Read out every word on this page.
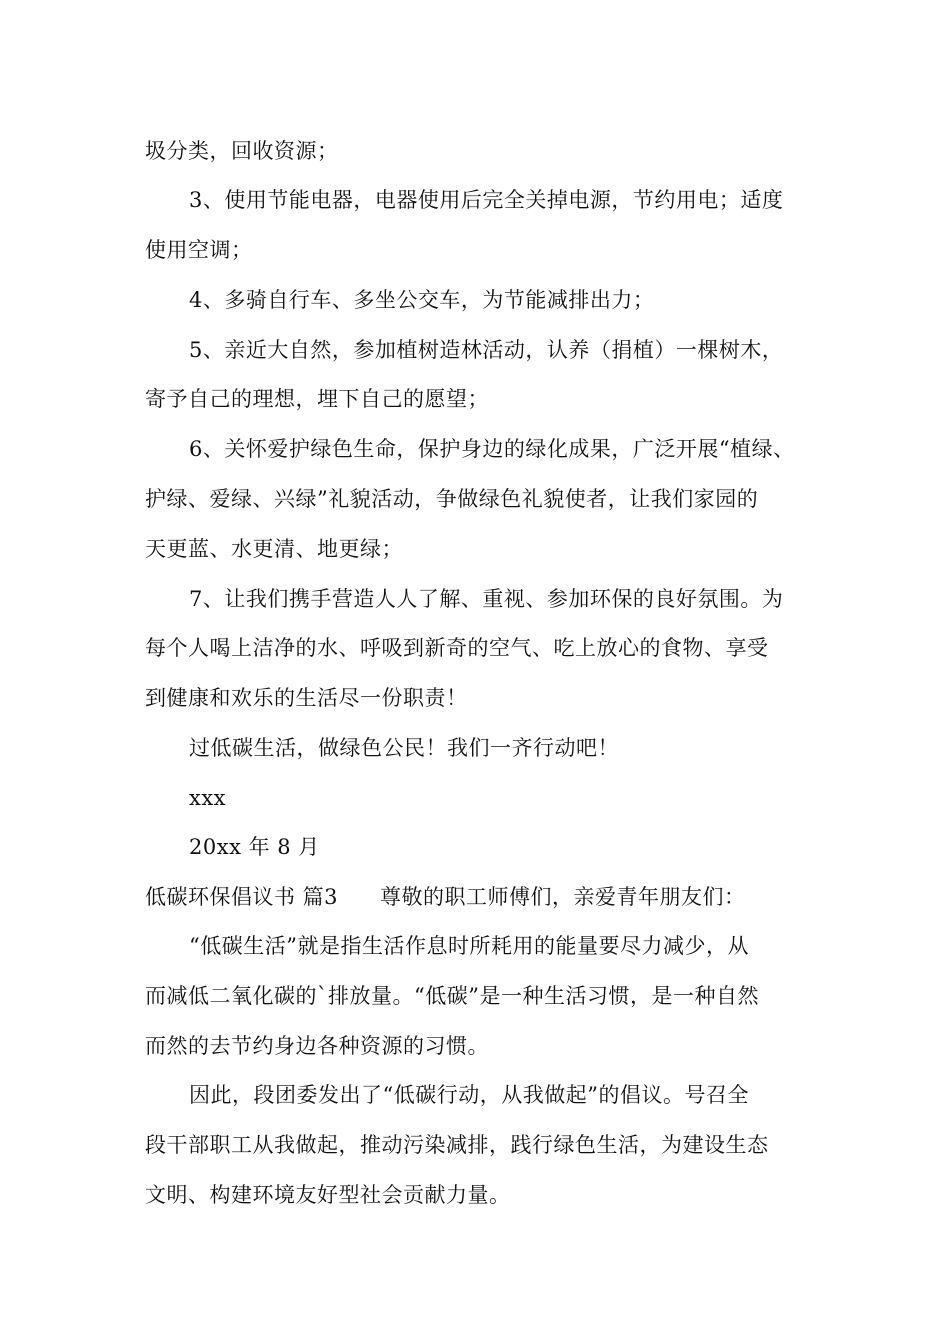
圾分类，回收资源；
3、使用节能电器，电器使用后完全关掉电源，节约用电；适度
使用空调；
4、多骑自行车、多坐公交车，为节能减排出力；
5、亲近大自然，参加植树造林活动，认养（捐植）一棵树木，
寄予自己的理想，埋下自己的愿望；
6、关怀爱护绿色生命，保护身边的绿化成果，广泛开展“植绿、
护绿、爱绿、兴绿”礼貌活动，争做绿色礼貌使者，让我们家园的
天更蓝、水更清、地更绿；
7、让我们携手营造人人了解、重视、参加环保的良好氛围。为
每个人喝上洁净的水、呼吸到新奇的空气、吃上放心的食物、享受
到健康和欢乐的生活尽一份职责！
过低碳生活，做绿色公民！我们一齐行动吧！
xxx
20xx 年 8 月
低碳环保倡议书 篇3 尊敬的职工师傅们，亲爱青年朋友们：
“低碳生活”就是指生活作息时所耗用的能量要尽力减少，从
而减低二氧化碳的`排放量。“低碳”是一种生活习惯，是一种自然
而然的去节约身边各种资源的习惯。
因此，段团委发出了“低碳行动，从我做起”的倡议。号召全
段干部职工从我做起，推动污染减排，践行绿色生活，为建设生态
文明、构建环境友好型社会贡献力量。
